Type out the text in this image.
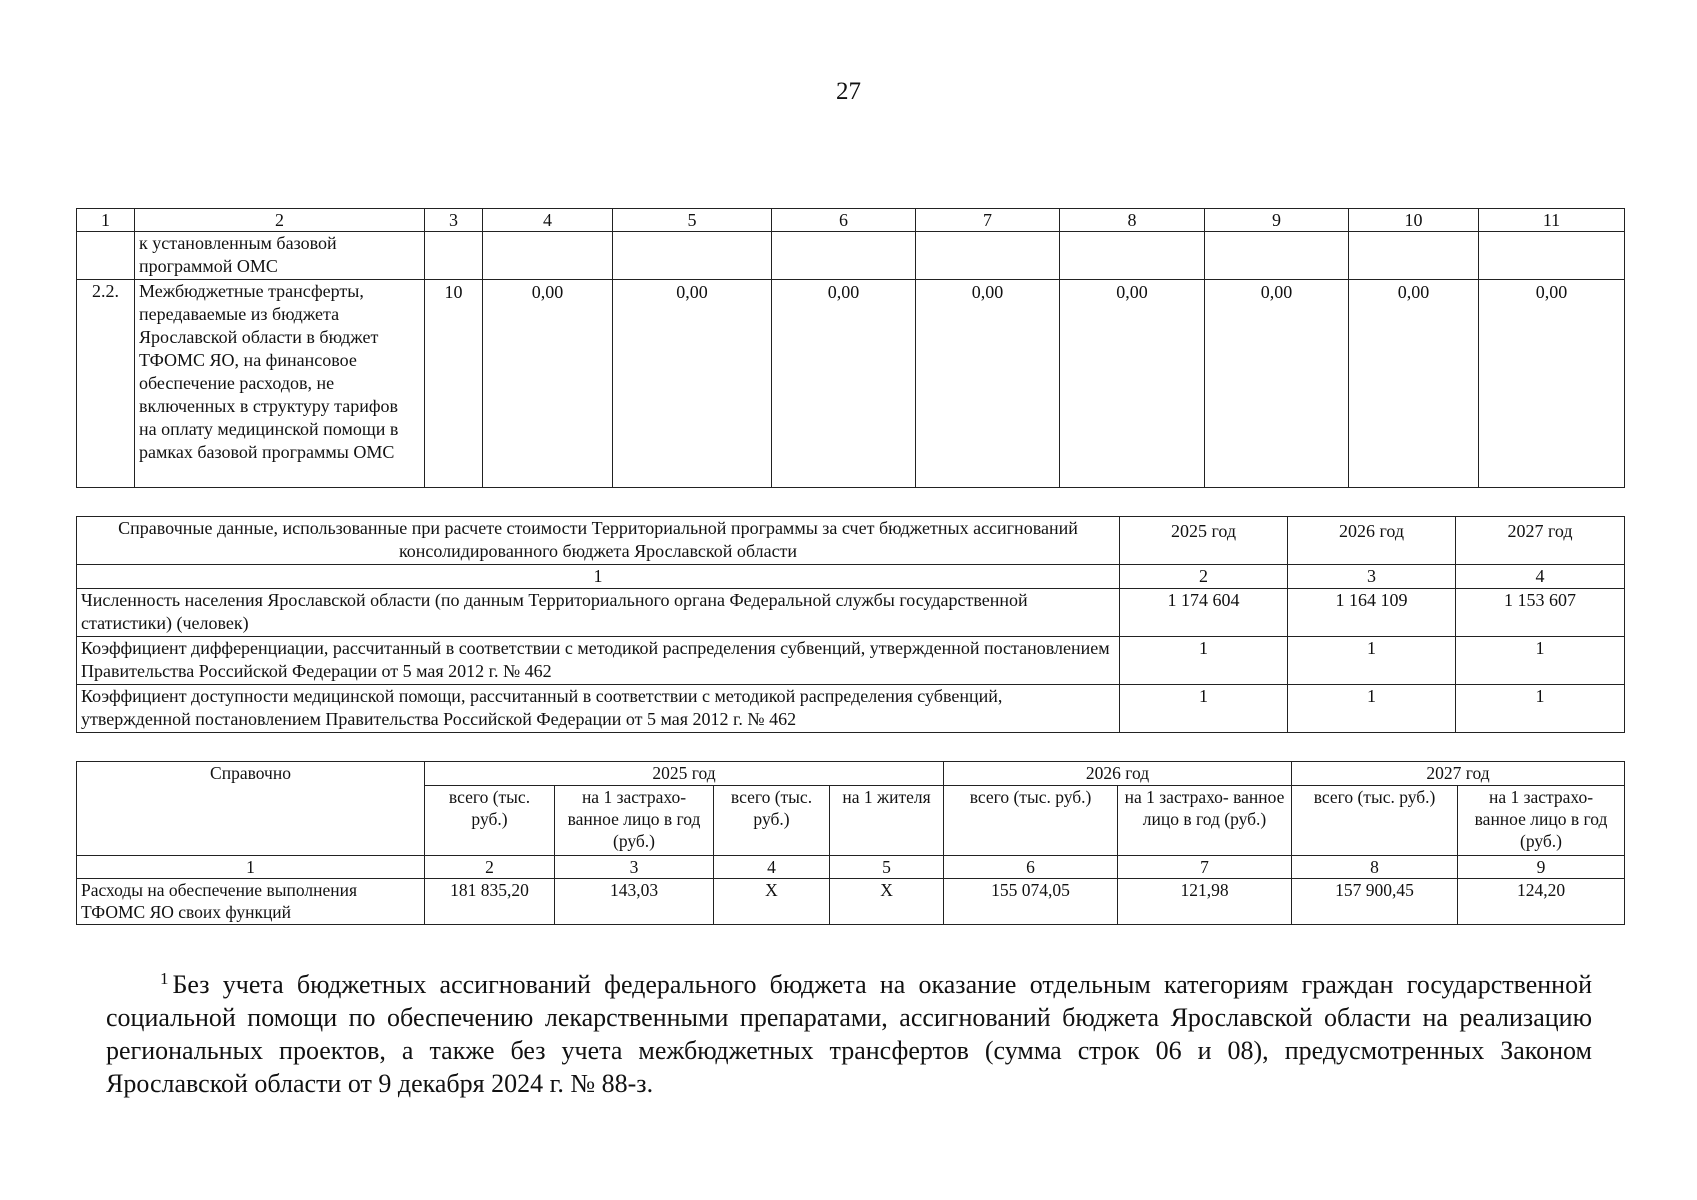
27
1	2	3	4	5	6	7	8	9	10	11
	к установленным базовой программой ОМС									
2.2.	Межбюджетные трансферты, передаваемые из бюджета Ярославской области в бюджет ТФОМС ЯО, на финансовое обеспечение расходов, не включенных в структуру тарифов на оплату медицинской помощи в рамках базовой программы ОМС	10	0,00	0,00	0,00	0,00	0,00	0,00	0,00	0,00
Справочные данные, использованные при расчете стоимости Территориальной программы за счет бюджетных ассигнований консолидированного бюджета Ярославской области	2025 год	2026 год	2027 год
1	2	3	4
Численность населения Ярославской области (по данным Территориального органа Федеральной службы государственной статистики) (человек)	1 174 604	1 164 109	1 153 607
Коэффициент дифференциации, рассчитанный в соответствии с методикой распределения субвенций, утвержденной постановлением Правительства Российской Федерации от 5 мая 2012 г. № 462	1	1	1
Коэффициент доступности медицинской помощи, рассчитанный в соответствии с методикой распределения субвенций, утвержденной постановлением Правительства Российской Федерации от 5 мая 2012 г. № 462	1	1	1
Справочно	2025 год				2026 год		2027 год	
	всего (тыс. руб.)	на 1 застрахо- ванное лицо в год (руб.)	всего (тыс. руб.)	на 1 жителя	всего (тыс. руб.)	на 1 застрахо- ванное лицо в год (руб.)	всего (тыс. руб.)	на 1 застрахо- ванное лицо в год (руб.)
1	2	3	4	5	6	7	8	9
Расходы на обеспечение выполнения ТФОМС ЯО своих функций	181 835,20	143,03	Х	Х	155 074,05	121,98	157 900,45	124,20
$^1$ Без учета бюджетных ассигнований федерального бюджета на оказание отдельным категориям граждан государственной социальной помощи по обеспечению лекарственными препаратами, ассигнований бюджета Ярославской области на реализацию региональных проектов, а также без учета межбюджетных трансфертов (сумма строк 06 и 08), предусмотренных Законом Ярославской области от 9 декабря 2024 г. № 88-з.
